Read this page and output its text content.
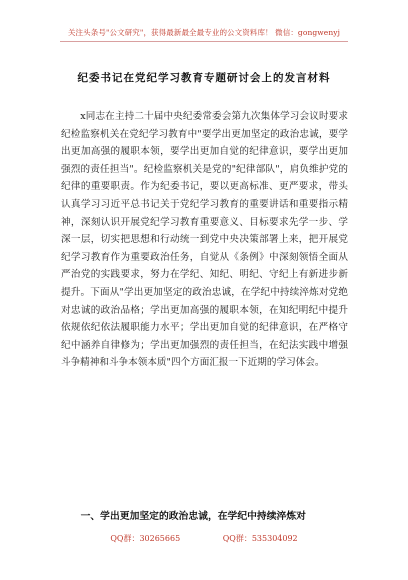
关注头条号"公文研究"，获得最新最全最专业的公文资料库！ 微信：gongwenyj
纪委书记在党纪学习教育专题研讨会上的发言材料

x同志在主持二十届中央纪委常委会第九次集体学习会议时要求纪检监察机关在党纪学习教育中"要学出更加坚定的政治忠诚，要学出更加高强的履职本领，要学出更加自觉的纪律意识，要学出更加强烈的责任担当"。纪检监察机关是党的"纪律部队"，肩负维护党的纪律的重要职责。作为纪委书记，要以更高标准、更严要求，带头认真学习习近平总书记关于党纪学习教育的重要讲话和重要指示精神，深刻认识开展党纪学习教育重要意义、目标要求先学一步、学深一层，切实把思想和行动统一到党中央决策部署上来，把开展党纪学习教育作为重要政治任务，自觉从《条例》中深刻领悟全面从严治党的实践要求，努力在学纪、知纪、明纪、守纪上有新进步新提升。下面从"学出更加坚定的政治忠诚，在学纪中持续淬炼对党绝对忠诚的政治品格；学出更加高强的履职本领，在知纪明纪中提升依规依纪依法履职能力水平；学出更加自觉的纪律意识，在严格守纪中涵养自律修为；学出更加强烈的责任担当，在纪法实践中增强斗争精神和斗争本领本质"四个方面汇报一下近期的学习体会。

一、学出更加坚定的政治忠诚，在学纪中持续淬炼对
QQ群：30265665	QQ群：535304092
